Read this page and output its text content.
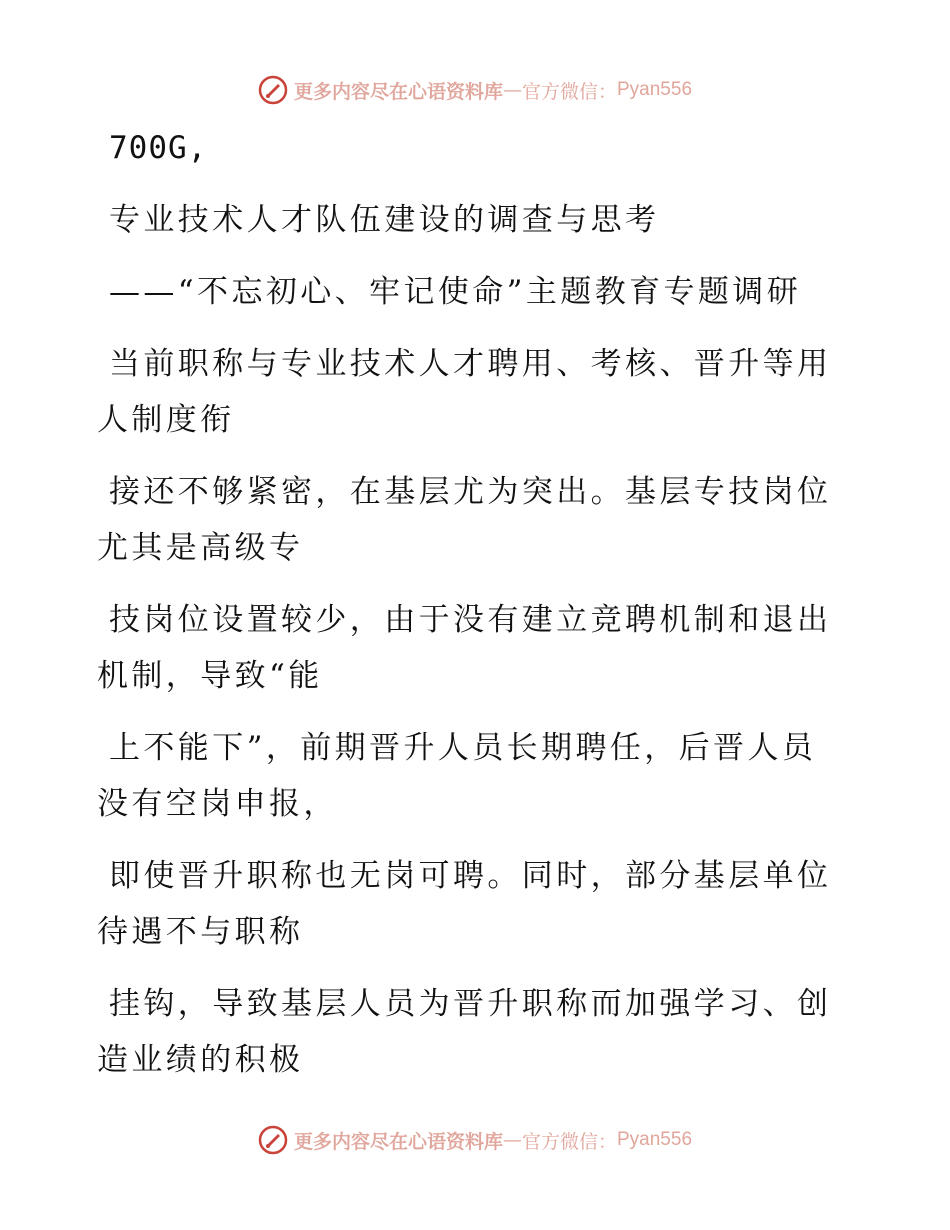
更多内容尽在心语资料库 — 官方微信： Pyan556
700G,
专业技术人才队伍建设的调查与思考
——“不忘初心、牢记使命”主题教育专题调研
当前职称与专业技术人才聘用、考核、晋升等用
人制度衔
接还不够紧密，在基层尤为突出。基层专技岗位
尤其是高级专
技岗位设置较少，由于没有建立竞聘机制和退出
机制，导致“能
上不能下”，前期晋升人员长期聘任，后晋人员
没有空岗申报，
即使晋升职称也无岗可聘。同时，部分基层单位
待遇不与职称
挂钩，导致基层人员为晋升职称而加强学习、创
造业绩的积极
更多内容尽在心语资料库 — 官方微信： Pyan556
